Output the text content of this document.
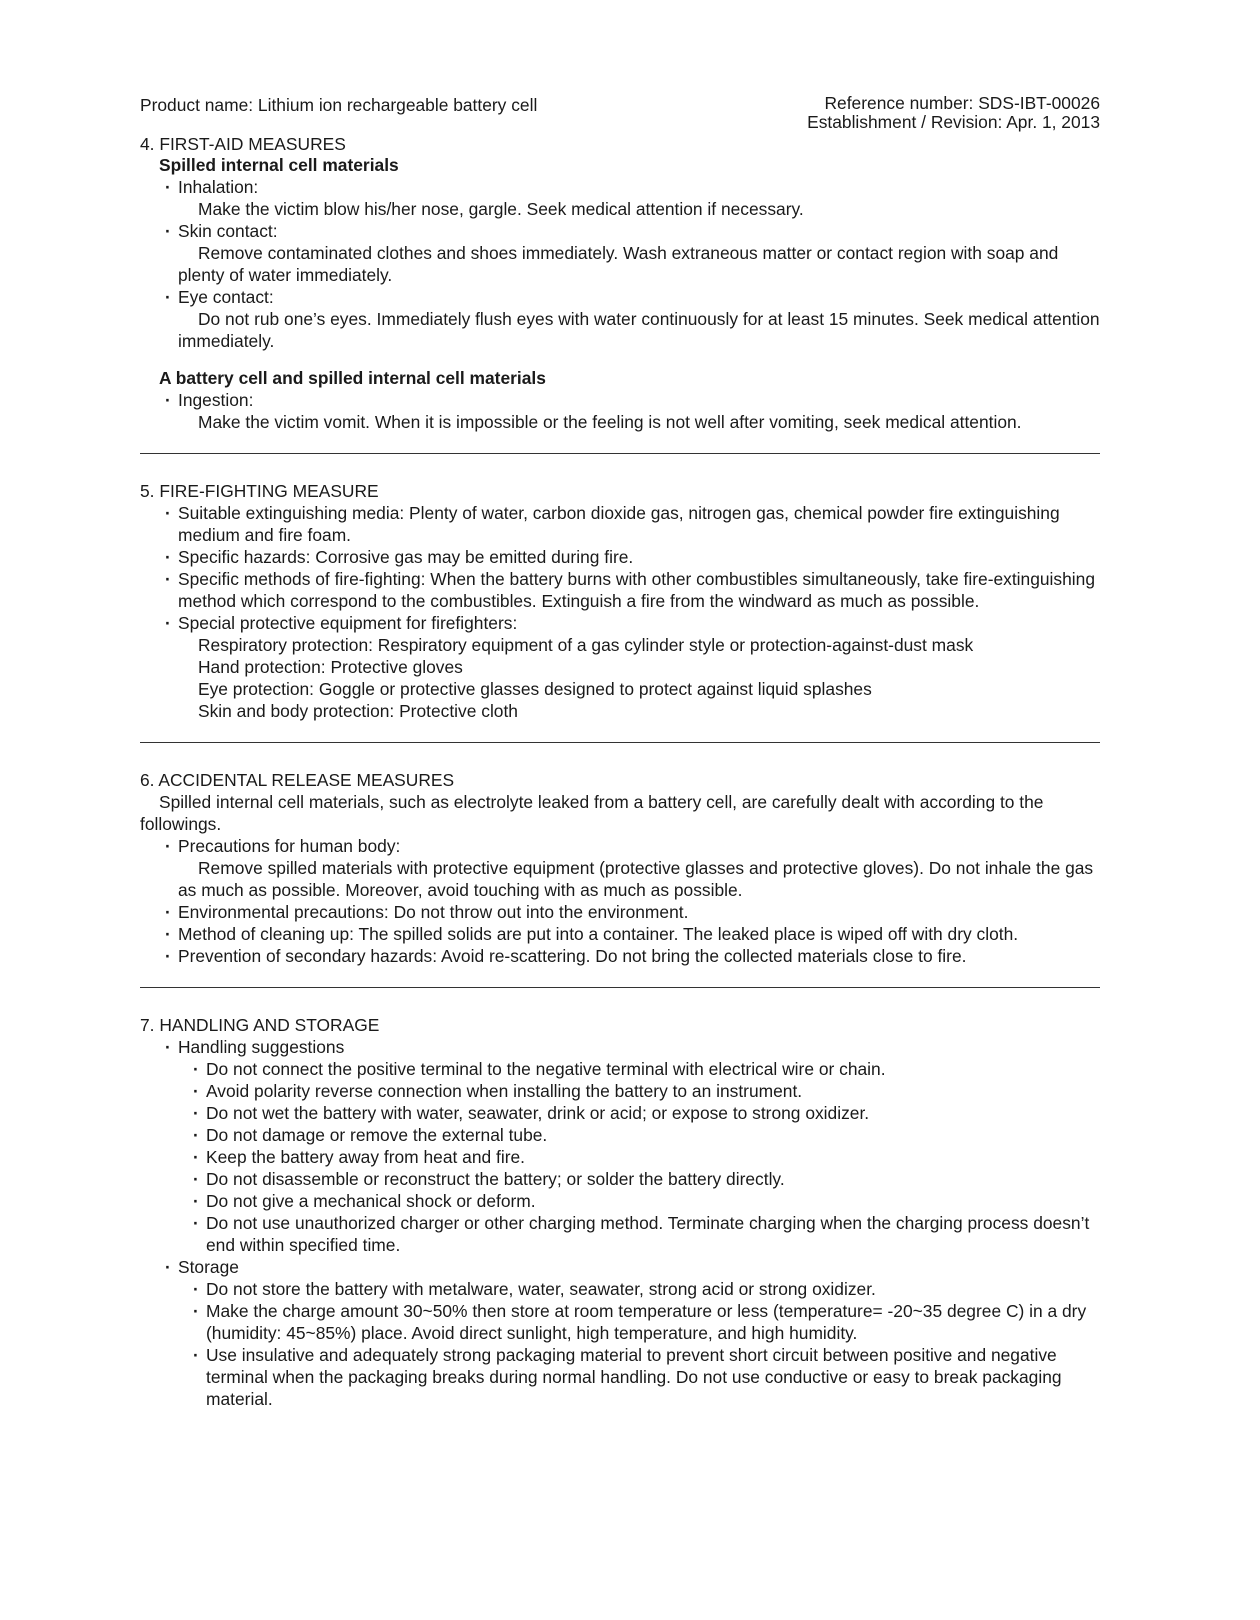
Product name: Lithium ion rechargeable battery cell	Reference number: SDS-IBT-00026
Establishment / Revision: Apr. 1, 2013
4. FIRST-AID MEASURES
Spilled internal cell materials
· Inhalation:
Make the victim blow his/her nose, gargle. Seek medical attention if necessary.
· Skin contact:
Remove contaminated clothes and shoes immediately. Wash extraneous matter or contact region with soap and plenty of water immediately.
· Eye contact:
Do not rub one’s eyes. Immediately flush eyes with water continuously for at least 15 minutes. Seek medical attention immediately.
A battery cell and spilled internal cell materials
· Ingestion:
Make the victim vomit. When it is impossible or the feeling is not well after vomiting, seek medical attention.
5. FIRE-FIGHTING MEASURE
· Suitable extinguishing media: Plenty of water, carbon dioxide gas, nitrogen gas, chemical powder fire extinguishing medium and fire foam.
· Specific hazards: Corrosive gas may be emitted during fire.
· Specific methods of fire-fighting: When the battery burns with other combustibles simultaneously, take fire-extinguishing method which correspond to the combustibles. Extinguish a fire from the windward as much as possible.
· Special protective equipment for firefighters:
Respiratory protection: Respiratory equipment of a gas cylinder style or protection-against-dust mask
Hand protection: Protective gloves
Eye protection: Goggle or protective glasses designed to protect against liquid splashes
Skin and body protection: Protective cloth
6. ACCIDENTAL RELEASE MEASURES
Spilled internal cell materials, such as electrolyte leaked from a battery cell, are carefully dealt with according to the followings.
· Precautions for human body:
Remove spilled materials with protective equipment (protective glasses and protective gloves). Do not inhale the gas as much as possible. Moreover, avoid touching with as much as possible.
· Environmental precautions: Do not throw out into the environment.
· Method of cleaning up: The spilled solids are put into a container. The leaked place is wiped off with dry cloth.
· Prevention of secondary hazards: Avoid re-scattering. Do not bring the collected materials close to fire.
7. HANDLING AND STORAGE
· Handling suggestions
· Do not connect the positive terminal to the negative terminal with electrical wire or chain.
· Avoid polarity reverse connection when installing the battery to an instrument.
· Do not wet the battery with water, seawater, drink or acid; or expose to strong oxidizer.
· Do not damage or remove the external tube.
· Keep the battery away from heat and fire.
· Do not disassemble or reconstruct the battery; or solder the battery directly.
· Do not give a mechanical shock or deform.
· Do not use unauthorized charger or other charging method. Terminate charging when the charging process doesn’t end within specified time.
· Storage
· Do not store the battery with metalware, water, seawater, strong acid or strong oxidizer.
· Make the charge amount 30~50% then store at room temperature or less (temperature= -20~35 degree C) in a dry (humidity: 45~85%) place. Avoid direct sunlight, high temperature, and high humidity.
· Use insulative and adequately strong packaging material to prevent short circuit between positive and negative terminal when the packaging breaks during normal handling. Do not use conductive or easy to break packaging material.
